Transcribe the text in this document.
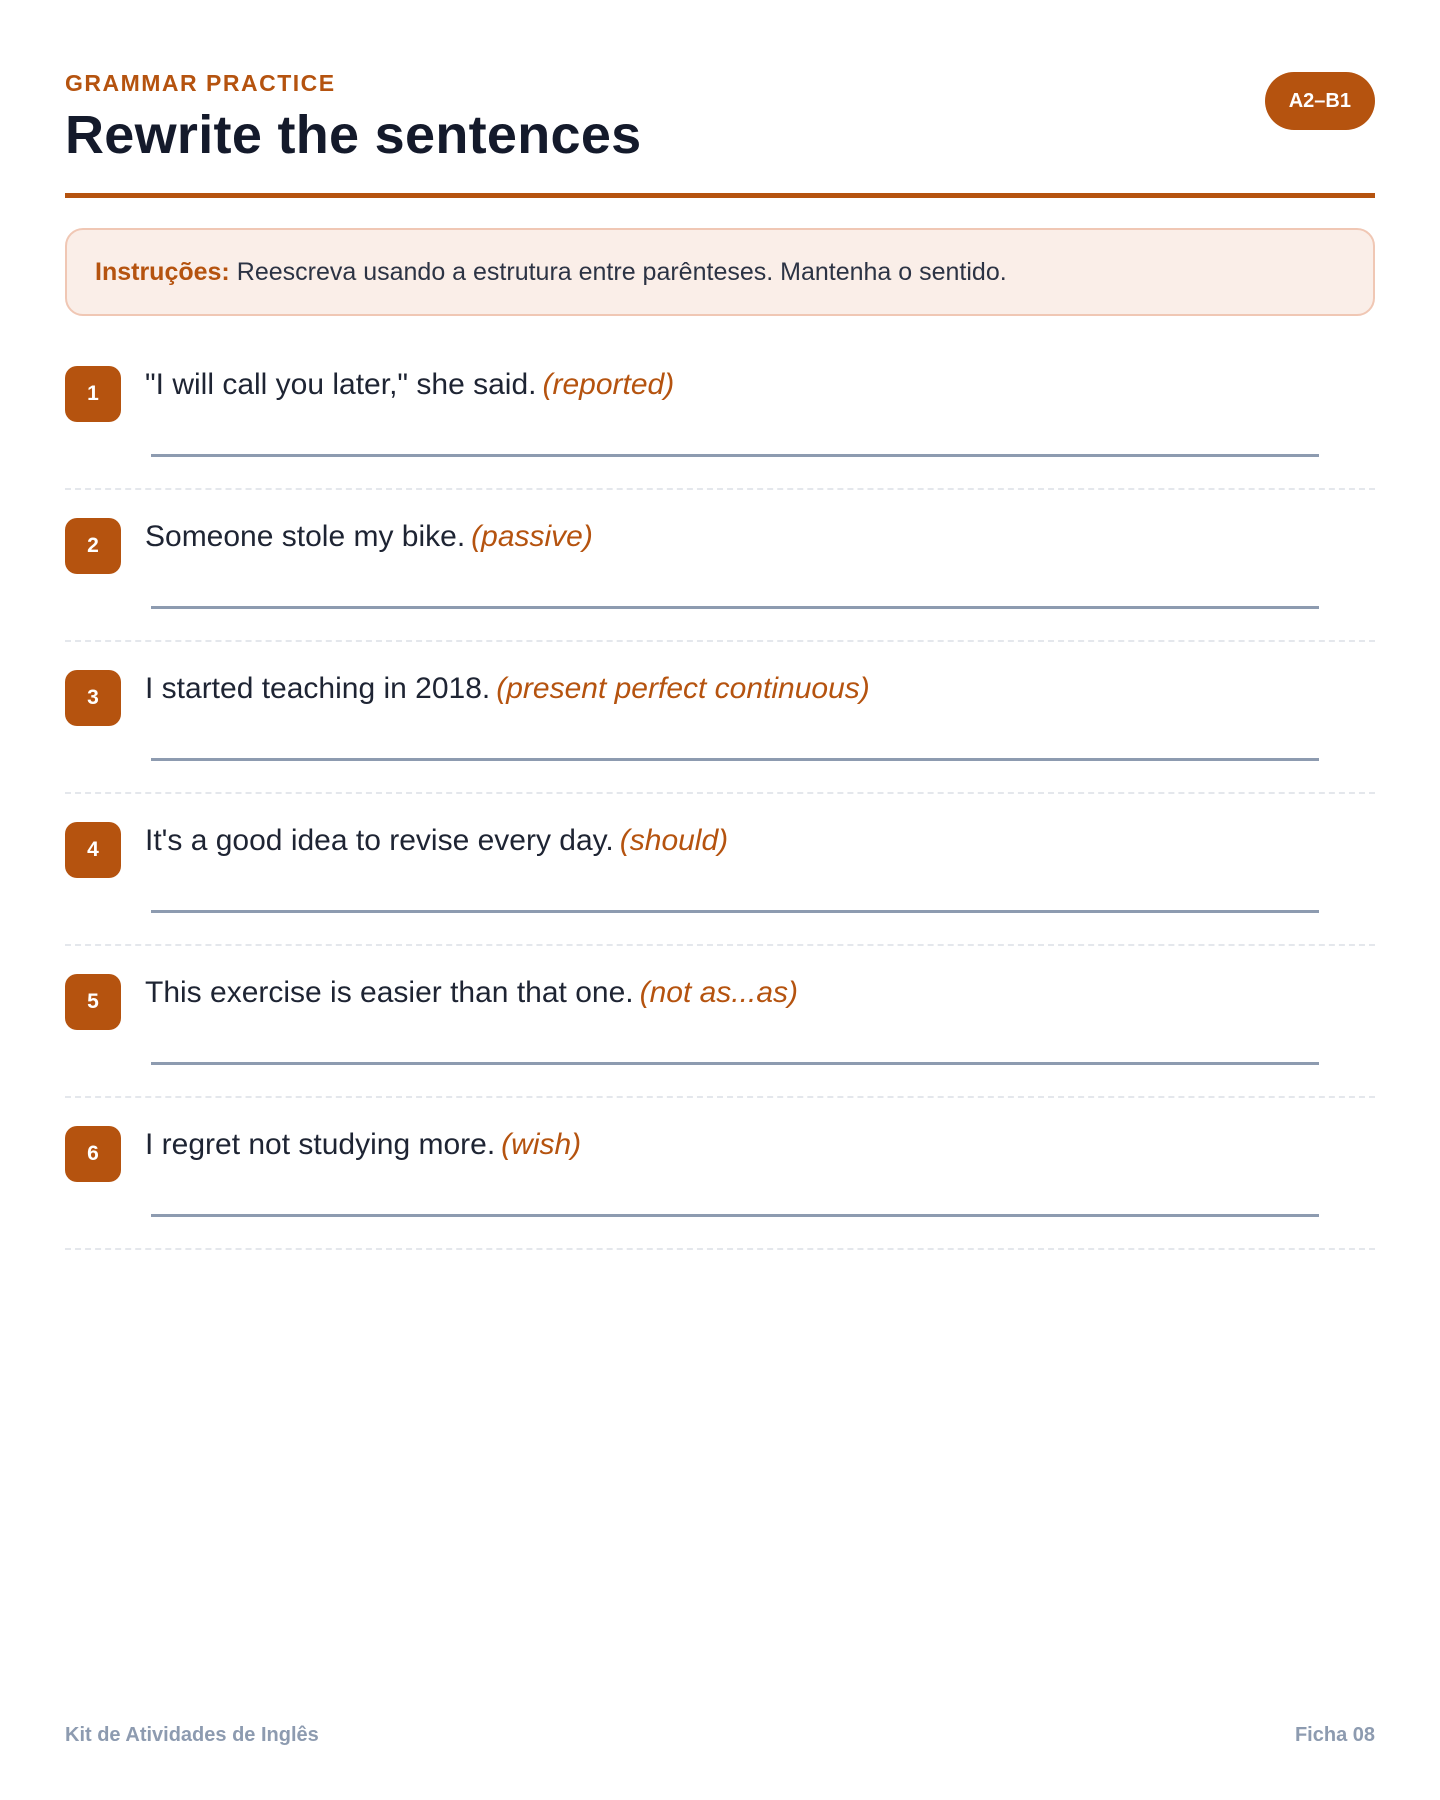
GRAMMAR PRACTICE
Rewrite the sentences
A2–B1
Instruções: Reescreva usando a estrutura entre parênteses. Mantenha o sentido.
1	"I will call you later," she said. (reported)
2	Someone stole my bike. (passive)
3	I started teaching in 2018. (present perfect continuous)
4	It's a good idea to revise every day. (should)
5	This exercise is easier than that one. (not as...as)
6	I regret not studying more. (wish)
Kit de Atividades de Inglês	Ficha 08
